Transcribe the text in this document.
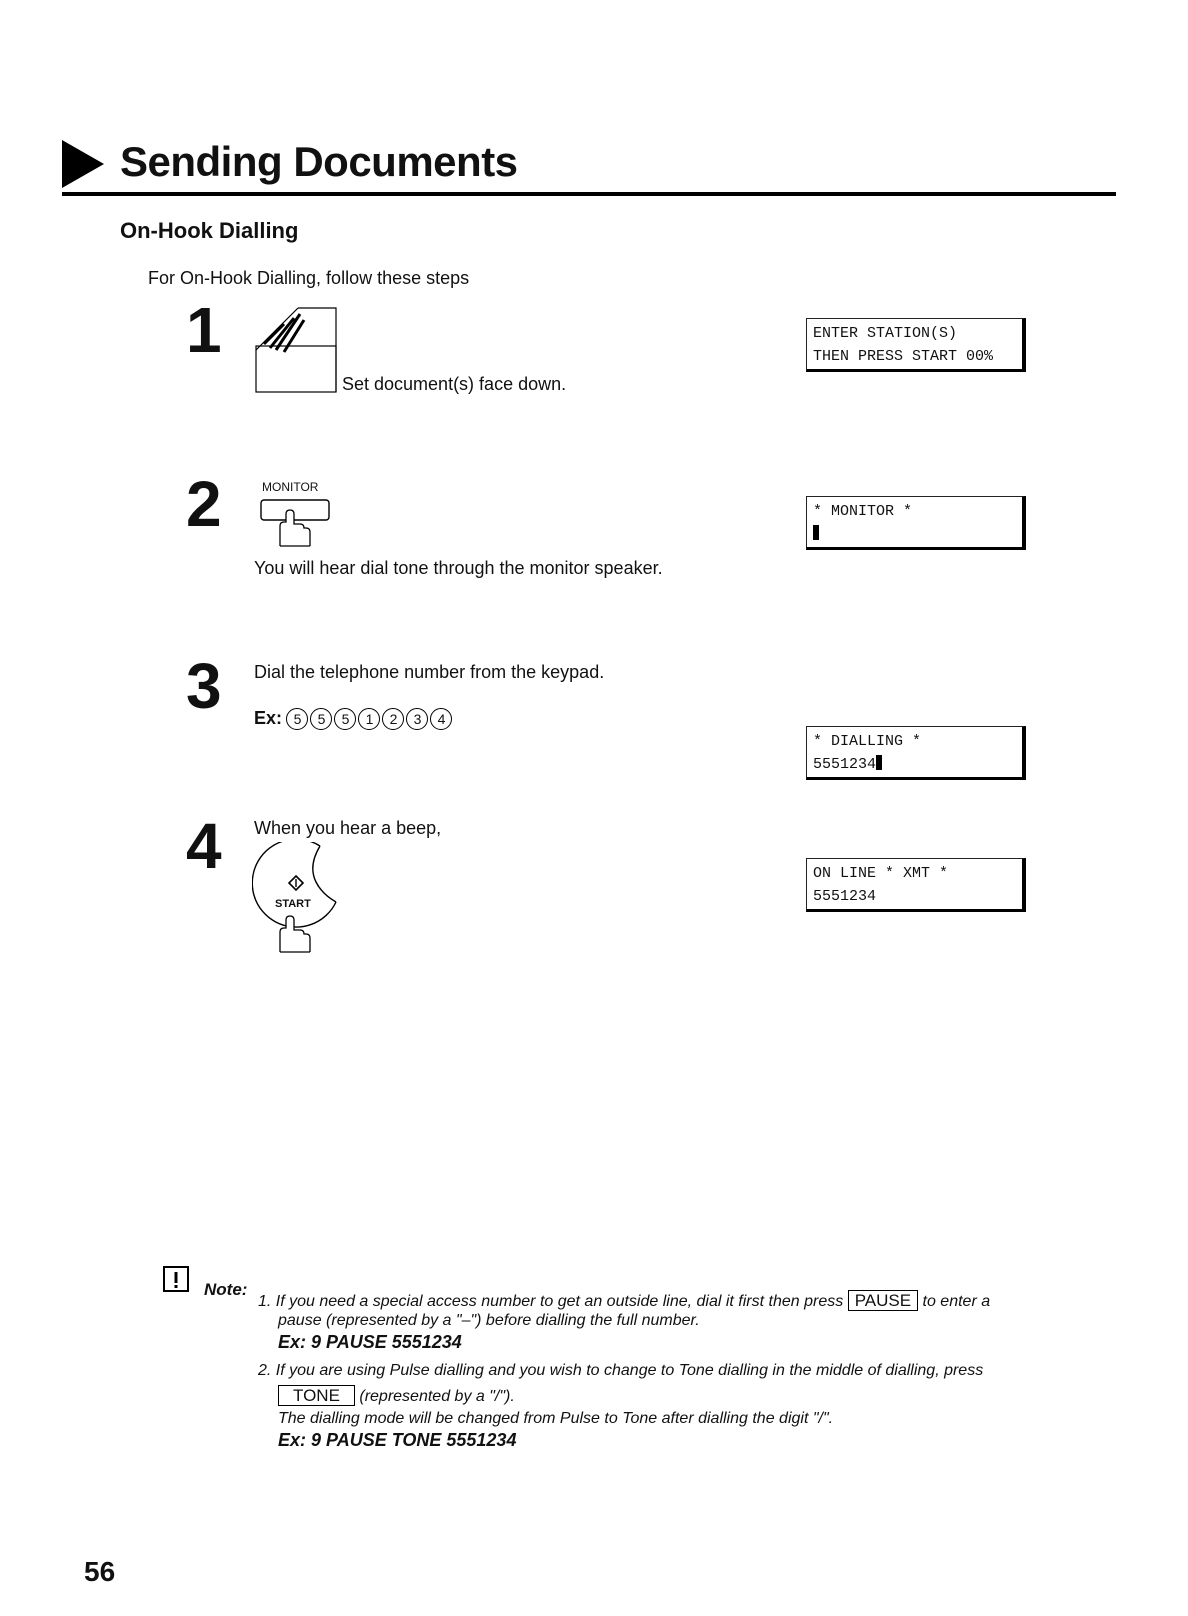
Sending Documents
On-Hook Dialling
For On-Hook Dialling, follow these steps
1
Set document(s) face down.
ENTER STATION(S)
THEN PRESS START 00%
2	MONITOR
You will hear dial tone through the monitor speaker.
* MONITOR *

3 Dial the telephone number from the keypad.
Ex: 5 5 5 1 2 3 4
* DIALLING *
5551234
4 When you hear a beep,
START
ON LINE * XMT *
5551234
Note:
1. If you need a special access number to get an outside line, dial it first then press PAUSE to enter a
pause (represented by a "–") before dialling the full number.
Ex: 9 PAUSE 5551234
2. If you are using Pulse dialling and you wish to change to Tone dialling in the middle of dialling, press
TONE (represented by a "/").
The dialling mode will be changed from Pulse to Tone after dialling the digit "/".
Ex: 9 PAUSE TONE 5551234
56
